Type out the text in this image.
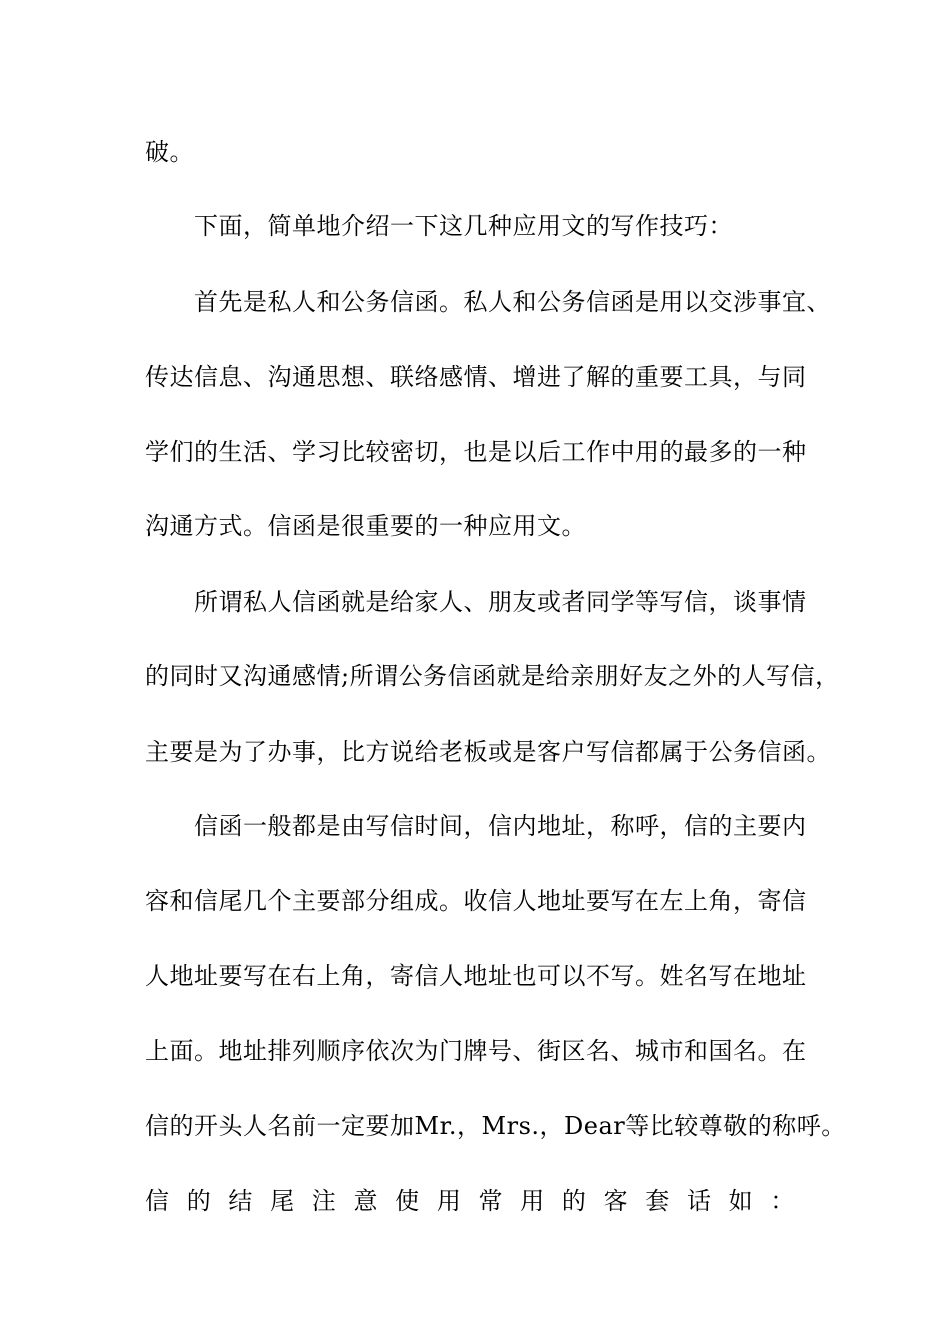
破。
下面，简单地介绍一下这几种应用文的写作技巧：
首先是私人和公务信函。私人和公务信函是用以交涉事宜、
传达信息、沟通思想、联络感情、增进了解的重要工具，与同
学们的生活、学习比较密切，也是以后工作中用的最多的一种
沟通方式。信函是很重要的一种应用文。
所谓私人信函就是给家人、朋友或者同学等写信，谈事情
的同时又沟通感情;所谓公务信函就是给亲朋好友之外的人写信，
主要是为了办事，比方说给老板或是客户写信都属于公务信函。
信函一般都是由写信时间，信内地址，称呼，信的主要内
容和信尾几个主要部分组成。收信人地址要写在左上角，寄信
人地址要写在右上角，寄信人地址也可以不写。姓名写在地址
上面。地址排列顺序依次为门牌号、街区名、城市和国名。在
信的开头人名前一定要加Mr.，Mrs.，Dear等比较尊敬的称呼。
信 的 结 尾 注 意 使 用 常 用 的 客 套 话 如 ：
